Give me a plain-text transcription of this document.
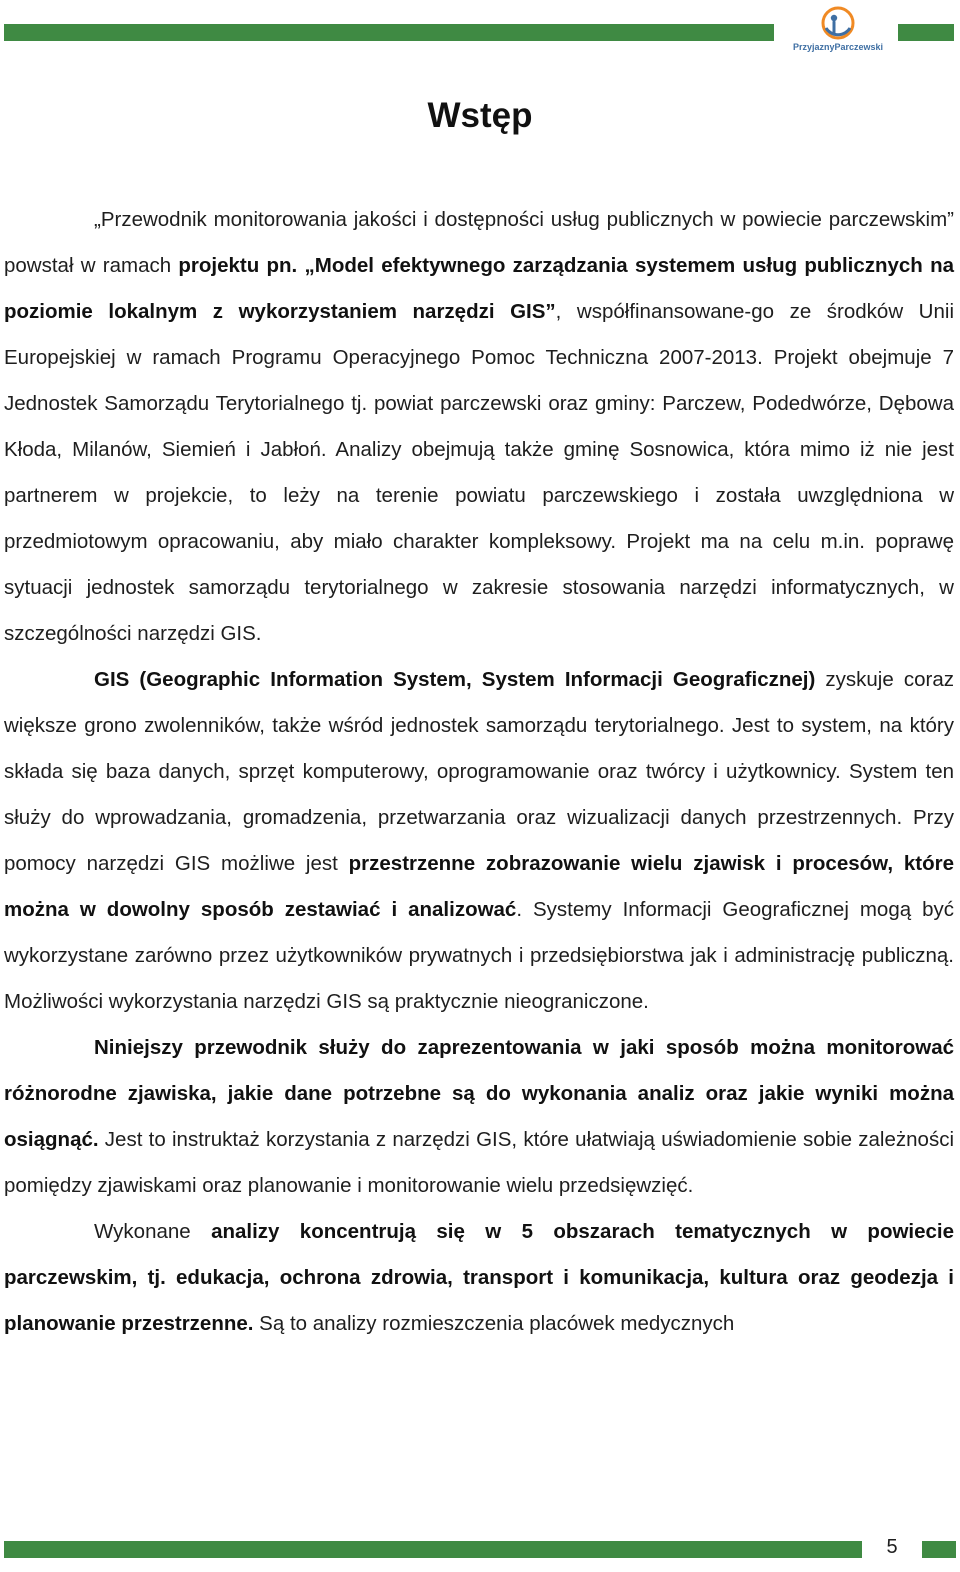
PrzyjaznyParczewski
Wstęp

„Przewodnik monitorowania jakości i dostępności usług publicznych w powiecie parczewskim” powstał w ramach projektu pn. „Model efektywnego zarządzania systemem usług publicznych na poziomie lokalnym z wykorzystaniem narzędzi GIS”, współfinansowane-go ze środków Unii Europejskiej w ramach Programu Operacyjnego Pomoc Techniczna 2007-2013. Projekt obejmuje 7 Jednostek Samorządu Terytorialnego tj. powiat parczewski oraz gminy: Parczew, Podedwórze, Dębowa Kłoda, Milanów, Siemień i Jabłoń. Analizy obejmują także gminę Sosnowica, która mimo iż nie jest partnerem w projekcie, to leży na terenie powiatu parczewskiego i została uwzględniona w przedmiotowym opracowaniu, aby miało charakter kompleksowy. Projekt ma na celu m.in. poprawę sytuacji jednostek samorządu terytorialnego w zakresie stosowania narzędzi informatycznych, w szczególności narzędzi GIS.

GIS (Geographic Information System, System Informacji Geograficznej) zyskuje coraz większe grono zwolenników, także wśród jednostek samorządu terytorialnego. Jest to system, na który składa się baza danych, sprzęt komputerowy, oprogramowanie oraz twórcy i użytkownicy. System ten służy do wprowadzania, gromadzenia, przetwarzania oraz wizualizacji danych przestrzennych. Przy pomocy narzędzi GIS możliwe jest przestrzenne zobrazowanie wielu zjawisk i procesów, które można w dowolny sposób zestawiać i analizować. Systemy Informacji Geograficznej mogą być wykorzystane zarówno przez użytkowników prywatnych i przedsiębiorstwa jak i administrację publiczną. Możliwości wykorzystania narzędzi GIS są praktycznie nieograniczone.

Niniejszy przewodnik służy do zaprezentowania w jaki sposób można monitorować różnorodne zjawiska, jakie dane potrzebne są do wykonania analiz oraz jakie wyniki można osiągnąć. Jest to instruktaż korzystania z narzędzi GIS, które ułatwiają uświadomienie sobie zależności pomiędzy zjawiskami oraz planowanie i monitorowanie wielu przedsięwzięć.

Wykonane analizy koncentrują się w 5 obszarach tematycznych w powiecie parczewskim, tj. edukacja, ochrona zdrowia, transport i komunikacja, kultura oraz geodezja i planowanie przestrzenne. Są to analizy rozmieszczenia placówek medycznych

5
